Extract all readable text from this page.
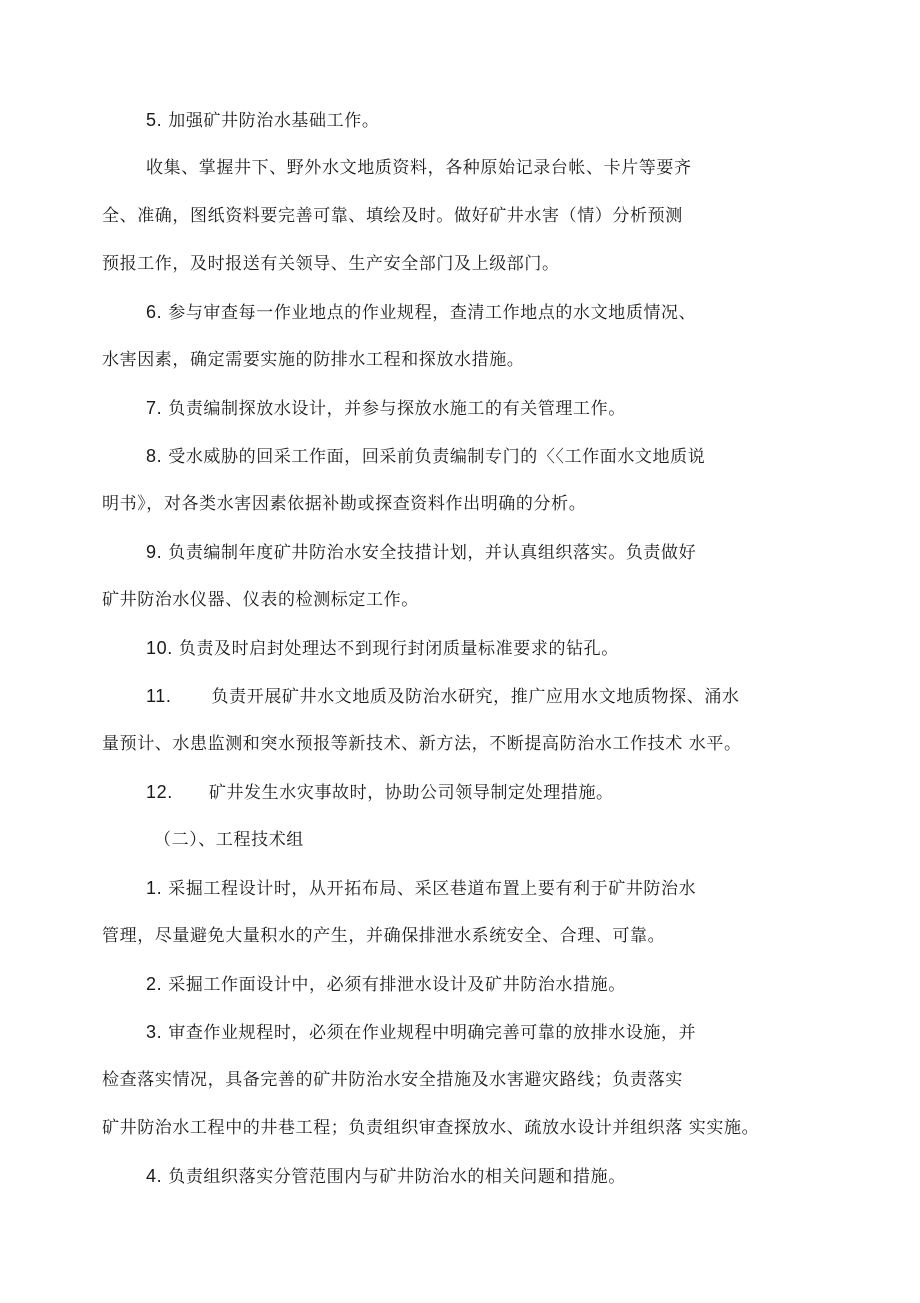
5. 加强矿井防治水基础工作。
收集、掌握井下、野外水文地质资料，各种原始记录台帐、卡片等要齐
全、准确，图纸资料要完善可靠、填绘及时。做好矿井水害（情）分析预测
预报工作，及时报送有关领导、生产安全部门及上级部门。
6. 参与审查每一作业地点的作业规程，查清工作地点的水文地质情况、
水害因素，确定需要实施的防排水工程和探放水措施。
7. 负责编制探放水设计，并参与探放水施工的有关管理工作。
8. 受水威胁的回采工作面，回采前负责编制专门的〈〈工作面水文地质说
明书》，对各类水害因素依据补勘或探查资料作出明确的分析。
9. 负责编制年度矿井防治水安全技措计划，并认真组织落实。负责做好
矿井防治水仪器、仪表的检测标定工作。
10. 负责及时启封处理达不到现行封闭质量标准要求的钻孔。
11. 负责开展矿井水文地质及防治水研究，推广应用水文地质物探、涌水
量预计、水患监测和突水预报等新技术、新方法，不断提高防治水工作技术 水平。
12. 矿井发生水灾事故时，协助公司领导制定处理措施。
（二）、工程技术组
1. 采掘工程设计时，从开拓布局、采区巷道布置上要有利于矿井防治水
管理，尽量避免大量积水的产生，并确保排泄水系统安全、合理、可靠。
2. 采掘工作面设计中，必须有排泄水设计及矿井防治水措施。
3. 审查作业规程时，必须在作业规程中明确完善可靠的放排水设施，并
检查落实情况，具备完善的矿井防治水安全措施及水害避灾路线；负责落实
矿井防治水工程中的井巷工程；负责组织审查探放水、疏放水设计并组织落 实实施。
4. 负责组织落实分管范围内与矿井防治水的相关问题和措施。
